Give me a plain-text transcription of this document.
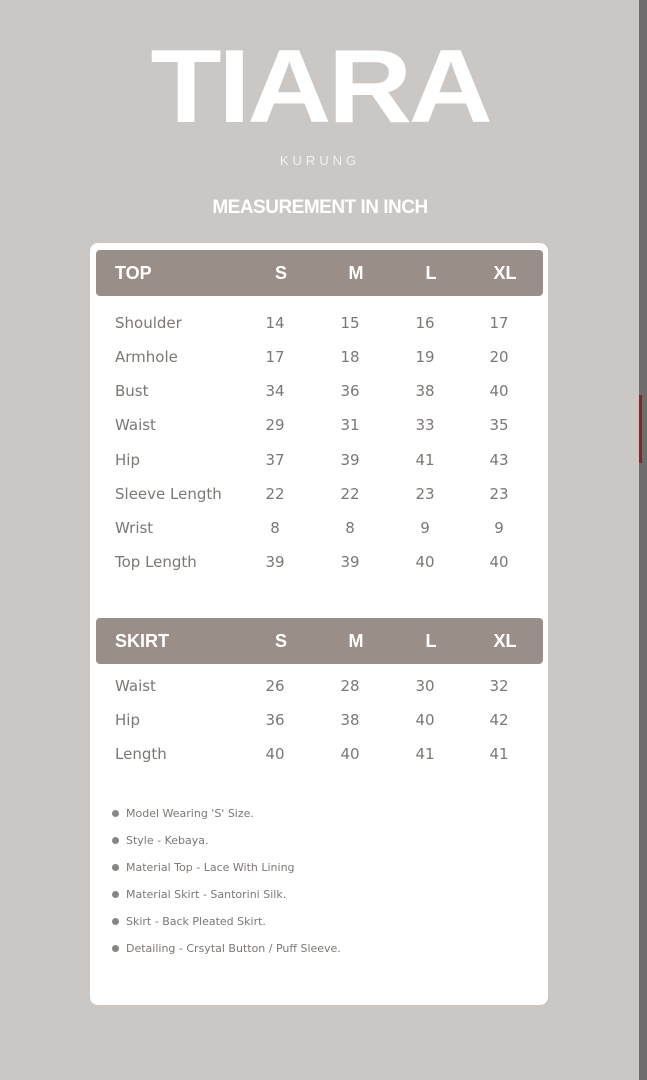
TIARA
KURUNG
MEASUREMENT IN INCH
TOP	S	M	L	XL
Shoulder	14	15	16	17
Armhole	17	18	19	20
Bust	34	36	38	40
Waist	29	31	33	35
Hip	37	39	41	43
Sleeve Length	22	22	23	23
Wrist	8	8	9	9
Top Length	39	39	40	40
SKIRT	S	M	L	XL
Waist	26	28	30	32
Hip	36	38	40	42
Length	40	40	41	41
Model Wearing 'S' Size.
Style - Kebaya.
Material Top - Lace With Lining
Material Skirt - Santorini Silk.
Skirt - Back Pleated Skirt.
Detailing - Crsytal Button / Puff Sleeve.
